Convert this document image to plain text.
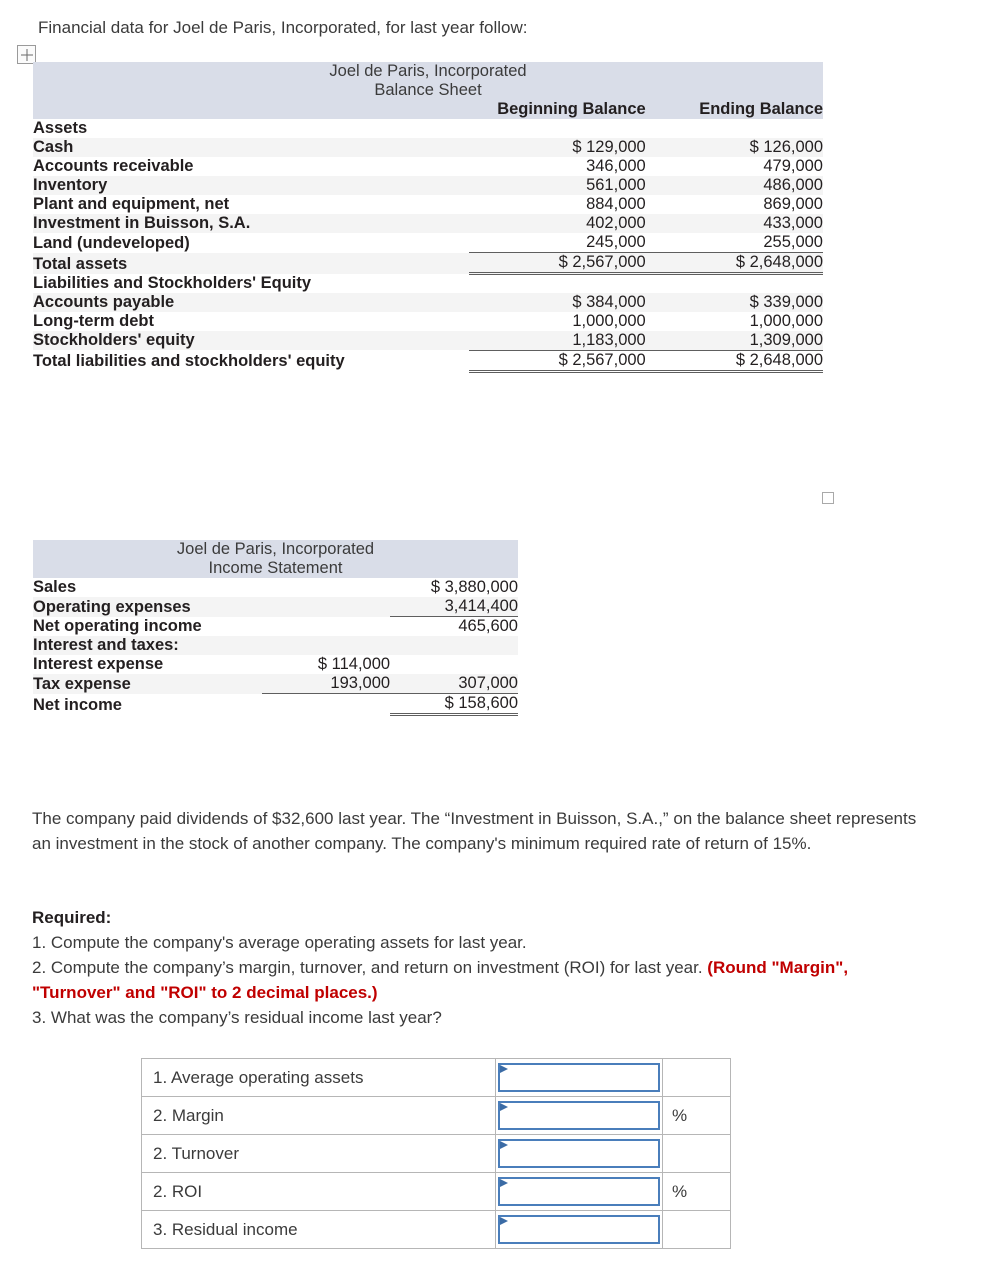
Financial data for Joel de Paris, Incorporated, for last year follow:
Joel de Paris, Incorporated		
Balance Sheet		
	Beginning Balance	Ending Balance
Assets		
Cash	$ 129,000	$ 126,000
Accounts receivable	346,000	479,000
Inventory	561,000	486,000
Plant and equipment, net	884,000	869,000
Investment in Buisson, S.A.	402,000	433,000
Land (undeveloped)	245,000	255,000
Total assets	$ 2,567,000	$ 2,648,000
Liabilities and Stockholders' Equity		
Accounts payable	$ 384,000	$ 339,000
Long-term debt	1,000,000	1,000,000
Stockholders' equity	1,183,000	1,309,000
Total liabilities and stockholders' equity	$ 2,567,000	$ 2,648,000
Joel de Paris, Incorporated		
Income Statement		
Sales		$ 3,880,000
Operating expenses		3,414,400
Net operating income		465,600
Interest and taxes:		
Interest expense	$ 114,000	
Tax expense	193,000	307,000
Net income		$ 158,600
The company paid dividends of $32,600 last year. The “Investment in Buisson, S.A.,” on the balance sheet represents an investment in the stock of another company. The company's minimum required rate of return of 15%.
Required:
1. Compute the company's average operating assets for last year.
2. Compute the company’s margin, turnover, and return on investment (ROI) for last year. (Round "Margin", "Turnover" and "ROI" to 2 decimal places.)
3. What was the company’s residual income last year?
1. Average operating assets	

2. Margin		%
2. Turnover	

2. ROI		%
3. Residual income	
